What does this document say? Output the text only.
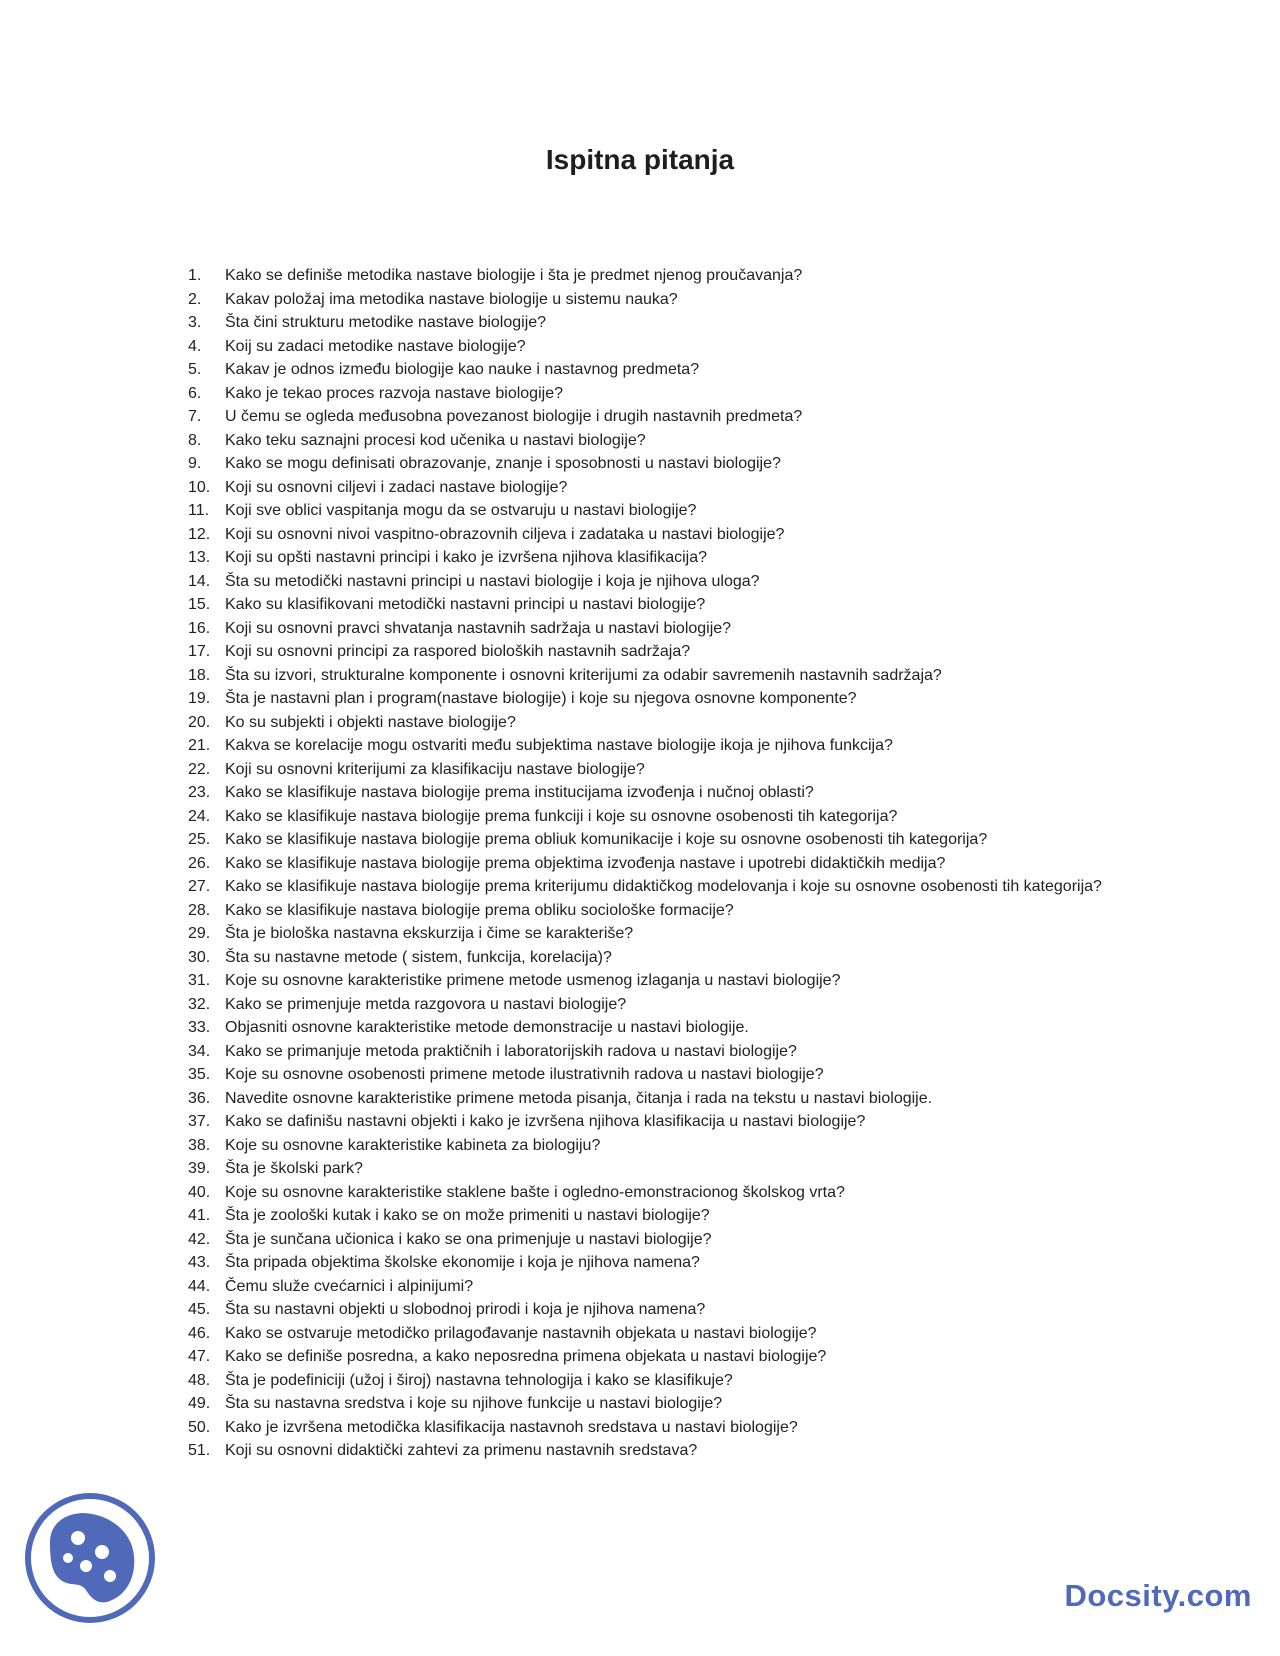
Ispitna pitanja
1.	Kako se definiše metodika nastave biologije i šta je predmet njenog proučavanja?
2.	Kakav položaj ima metodika nastave biologije u sistemu nauka?
3.	Šta čini strukturu metodike nastave biologije?
4.	Koij su zadaci metodike nastave biologije?
5.	Kakav je odnos između biologije kao nauke i nastavnog predmeta?
6.	Kako je tekao proces razvoja nastave biologije?
7.	U čemu se ogleda međusobna povezanost biologije i drugih nastavnih predmeta?
8.	Kako teku saznajni procesi kod učenika u nastavi biologije?
9.	Kako se mogu definisati obrazovanje, znanje i sposobnosti u nastavi biologije?
10. Koji su osnovni ciljevi i zadaci nastave biologije?
11. Koji sve oblici vaspitanja mogu da se ostvaruju u nastavi biologije?
12. Koji su osnovni nivoi vaspitno-obrazovnih ciljeva i zadataka u nastavi biologije?
13. Koji su opšti nastavni principi i kako je izvršena njihova klasifikacija?
14. Šta su metodički nastavni principi u nastavi biologije i koja je njihova uloga?
15. Kako su klasifikovani metodički nastavni principi u nastavi biologije?
16. Koji su osnovni pravci shvatanja nastavnih sadržaja u nastavi biologije?
17. Koji su osnovni principi za raspored bioloških nastavnih sadržaja?
18. Šta su izvori, strukturalne komponente i osnovni kriterijumi za odabir savremenih nastavnih sadržaja?
19. Šta je nastavni plan i program(nastave biologije) i koje su njegova osnovne komponente?
20. Ko su subjekti i objekti nastave biologije?
21. Kakva se korelacije mogu ostvariti među subjektima nastave biologije ikoja je njihova funkcija?
22. Koji su osnovni kriterijumi za klasifikaciju nastave biologije?
23. Kako se klasifikuje nastava biologije prema institucijama izvođenja i nučnoj oblasti?
24. Kako se klasifikuje nastava biologije prema funkciji i koje su osnovne osobenosti tih kategorija?
25. Kako se klasifikuje nastava biologije prema obliuk komunikacije i koje su osnovne osobenosti tih kategorija?
26. Kako se klasifikuje nastava biologije prema objektima izvođenja nastave i upotrebi didaktičkih medija?
27. Kako se klasifikuje nastava biologije prema kriterijumu didaktičkog modelovanja i koje su osnovne osobenosti tih kategorija?
28. Kako se klasifikuje nastava biologije prema obliku sociološke formacije?
29. Šta je biološka nastavna ekskurzija i čime se karakteriše?
30. Šta su nastavne metode ( sistem, funkcija, korelacija)?
31. Koje su osnovne karakteristike primene metode usmenog izlaganja u nastavi biologije?
32. Kako se primenjuje metda razgovora u nastavi biologije?
33. Objasniti osnovne karakteristike metode demonstracije u nastavi biologije.
34. Kako se primanjuje metoda praktičnih i laboratorijskih radova u nastavi biologije?
35. Koje su osnovne osobenosti primene metode ilustrativnih radova u nastavi biologije?
36. Navedite osnovne karakteristike primene metoda pisanja, čitanja i rada na tekstu u nastavi biologije.
37. Kako se dafinišu nastavni objekti i kako je izvršena njihova klasifikacija u nastavi biologije?
38. Koje su osnovne karakteristike kabineta za biologiju?
39. Šta je školski park?
40. Koje su osnovne karakteristike staklene bašte i ogledno-emonstracionog školskog vrta?
41. Šta je zoološki kutak i kako se on može primeniti u nastavi biologije?
42. Šta je sunčana učionica i kako se ona primenjuje u nastavi biologije?
43. Šta pripada objektima školske ekonomije i koja je njihova namena?
44. Čemu služe cvećarnici i alpinijumi?
45. Šta su nastavni objekti u slobodnoj prirodi i koja je njihova namena?
46. Kako se ostvaruje metodičko prilagođavanje nastavnih objekata u nastavi biologije?
47. Kako se definiše posredna, a kako neposredna primena objekata u nastavi biologije?
48. Šta je podefiniciji (užoj i široj) nastavna tehnologija i kako se klasifikuje?
49. Šta su nastavna sredstva i koje su njihove funkcije u nastavi biologije?
50. Kako je izvršena metodička klasifikacija nastavnoh sredstava u nastavi biologije?
51. Koji su osnovni didaktički zahtevi za primenu nastavnih sredstava?
Docsity.com
